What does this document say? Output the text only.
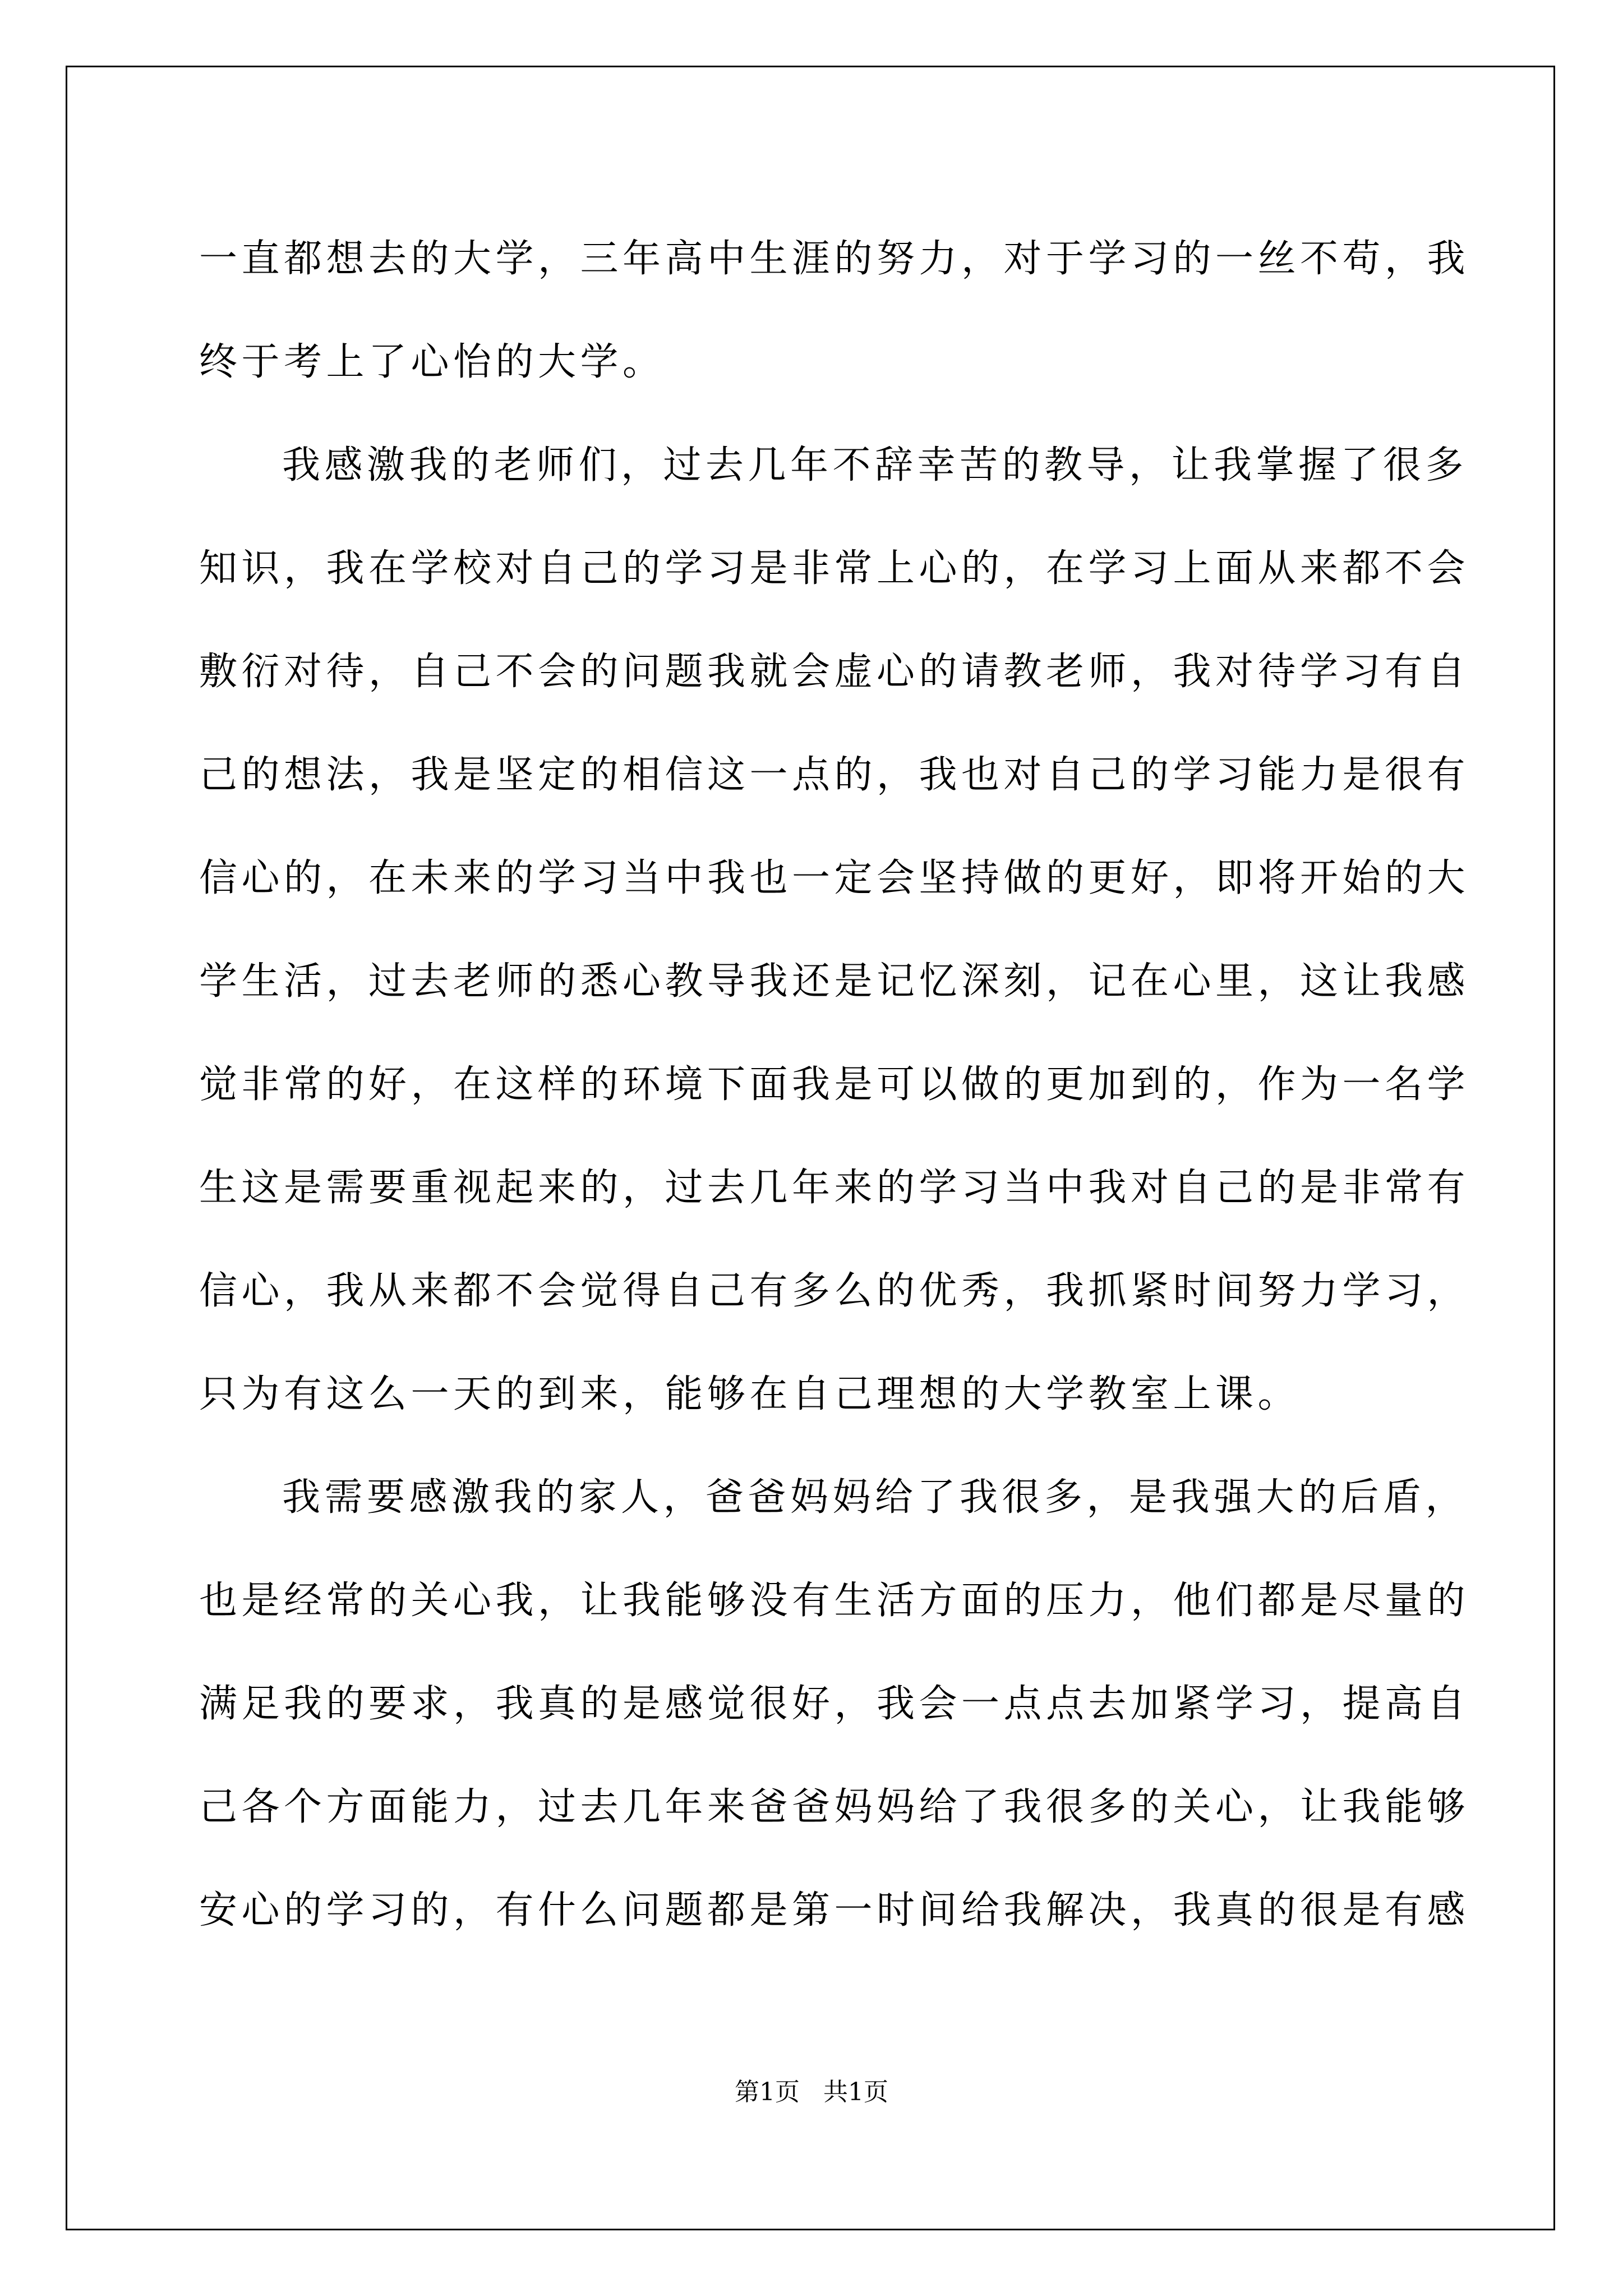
一直都想去的大学，三年高中生涯的努力，对于学习的一丝不苟，我
终于考上了心怡的大学。
我感激我的老师们，过去几年不辞幸苦的教导，让我掌握了很多
知识，我在学校对自己的学习是非常上心的，在学习上面从来都不会
敷衍对待，自己不会的问题我就会虚心的请教老师，我对待学习有自
己的想法，我是坚定的相信这一点的，我也对自己的学习能力是很有
信心的，在未来的学习当中我也一定会坚持做的更好，即将开始的大
学生活，过去老师的悉心教导我还是记忆深刻，记在心里，这让我感
觉非常的好，在这样的环境下面我是可以做的更加到的，作为一名学
生这是需要重视起来的，过去几年来的学习当中我对自己的是非常有
信心，我从来都不会觉得自己有多么的优秀，我抓紧时间努力学习，
只为有这么一天的到来，能够在自己理想的大学教室上课。
我需要感激我的家人，爸爸妈妈给了我很多，是我强大的后盾，
也是经常的关心我，让我能够没有生活方面的压力，他们都是尽量的
满足我的要求，我真的是感觉很好，我会一点点去加紧学习，提高自
己各个方面能力，过去几年来爸爸妈妈给了我很多的关心，让我能够
安心的学习的，有什么问题都是第一时间给我解决，我真的很是有感
第1页   共1页
